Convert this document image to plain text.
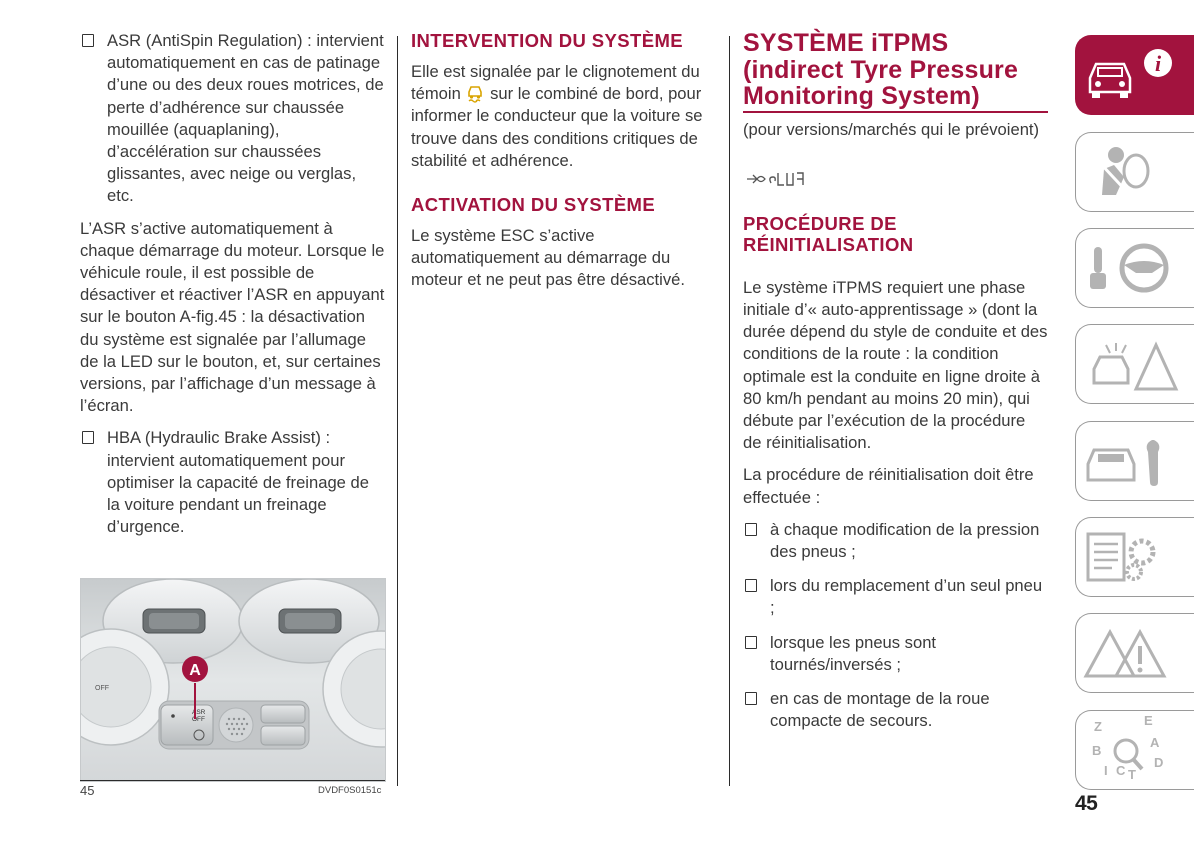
ASR (AntiSpin Regulation) : intervient automatiquement en cas de patinage d’une ou des deux roues motrices, de perte d’adhérence sur chaussée mouillée (aquaplaning), d’accélération sur chaussées glissantes, avec neige ou verglas, etc.

L’ASR s’active automatiquement à chaque démarrage du moteur. Lorsque le véhicule roule, il est possible de désactiver et réactiver l’ASR en appuyant sur le bouton A-fig.45 : la désactivation du système est signalée par l’allumage de la LED sur le bouton, et, sur certaines versions, par l’affichage d’un message à l’écran.

HBA (Hydraulic Brake Assist) : intervient automatiquement pour optimiser la capacité de freinage de la voiture pendant un freinage d’urgence.
OFF
ASR
OFF
A
45	DVDF0S0151c
INTERVENTION DU SYSTÈME

Elle est signalée par le clignotement du témoin sur le combiné de bord, pour informer le conducteur que la voiture se trouve dans des conditions critiques de stabilité et adhérence.

ACTIVATION DU SYSTÈME

Le système ESC s’active automatiquement au démarrage du moteur et ne peut pas être désactivé.

SYSTÈME iTPMS (indirect Tyre Pressure Monitoring System)

(pour versions/marchés qui le prévoient)

PROCÉDURE DE RÉINITIALISATION

Le système iTPMS requiert une phase initiale d’« auto-apprentissage » (dont la durée dépend du style de conduite et des conditions de la route : la condition optimale est la conduite en ligne droite à 80 km/h pendant au moins 20 min), qui débute par l’exécution de la procédure de réinitialisation.

La procédure de réinitialisation doit être effectuée :

à chaque modification de la pression des pneus ;
lors du remplacement d’un seul pneu ;
lorsque les pneus sont tournés/inversés ;
en cas de montage de la roue compacte de secours.
i
Z	E
B
A
I C T
D
45
